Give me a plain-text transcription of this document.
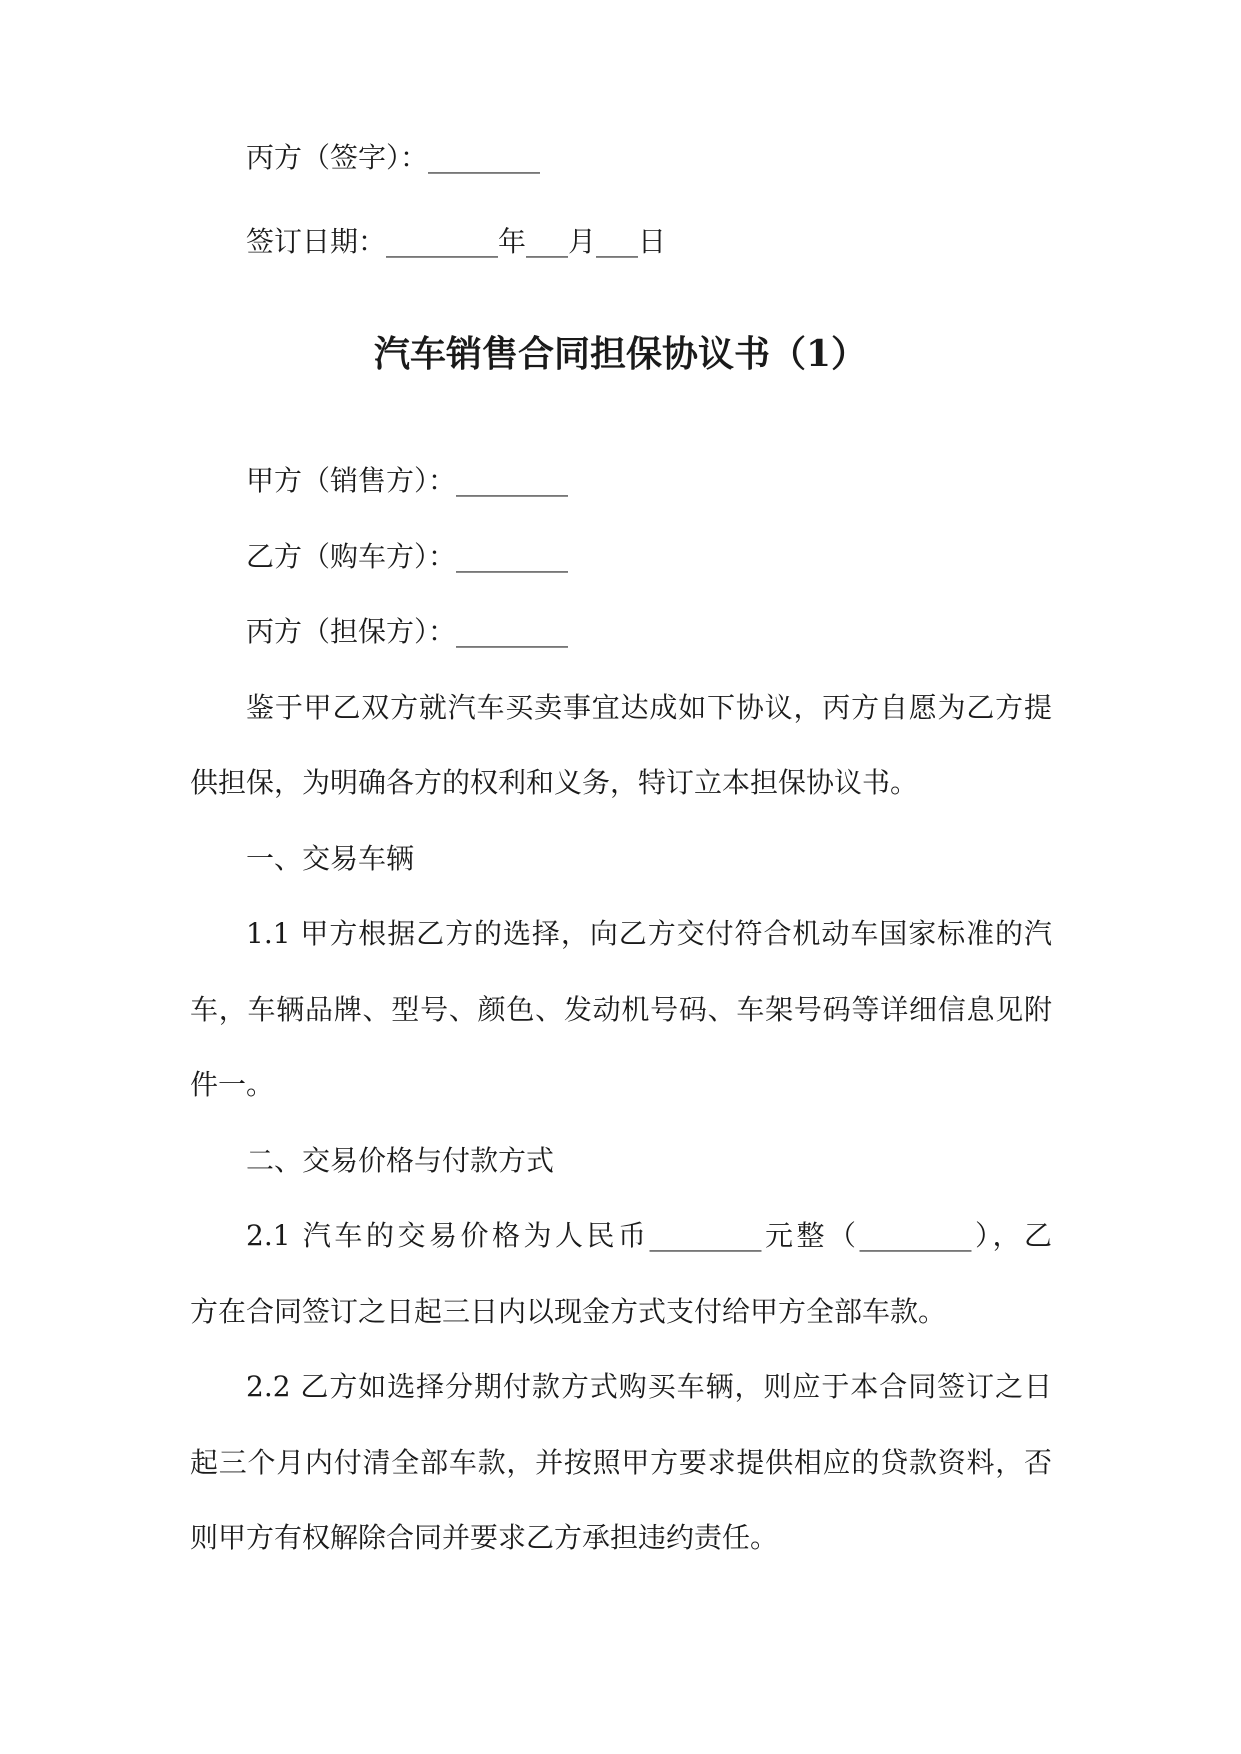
丙方（签字）：________
签订日期：________年___月___日
汽车销售合同担保协议书（1）
甲方（销售方）：________
乙方（购车方）：________
丙方（担保方）：________
鉴于甲乙双方就汽车买卖事宜达成如下协议，丙方自愿为乙方提
供担保，为明确各方的权利和义务，特订立本担保协议书。
一、交易车辆
1.1 甲方根据乙方的选择，向乙方交付符合机动车国家标准的汽
车，车辆品牌、型号、颜色、发动机号码、车架号码等详细信息见附
件一。
二、交易价格与付款方式
2.1 汽车的交易价格为人民币________元整（________），乙
方在合同签订之日起三日内以现金方式支付给甲方全部车款。
2.2 乙方如选择分期付款方式购买车辆，则应于本合同签订之日
起三个月内付清全部车款，并按照甲方要求提供相应的贷款资料，否
则甲方有权解除合同并要求乙方承担违约责任。
